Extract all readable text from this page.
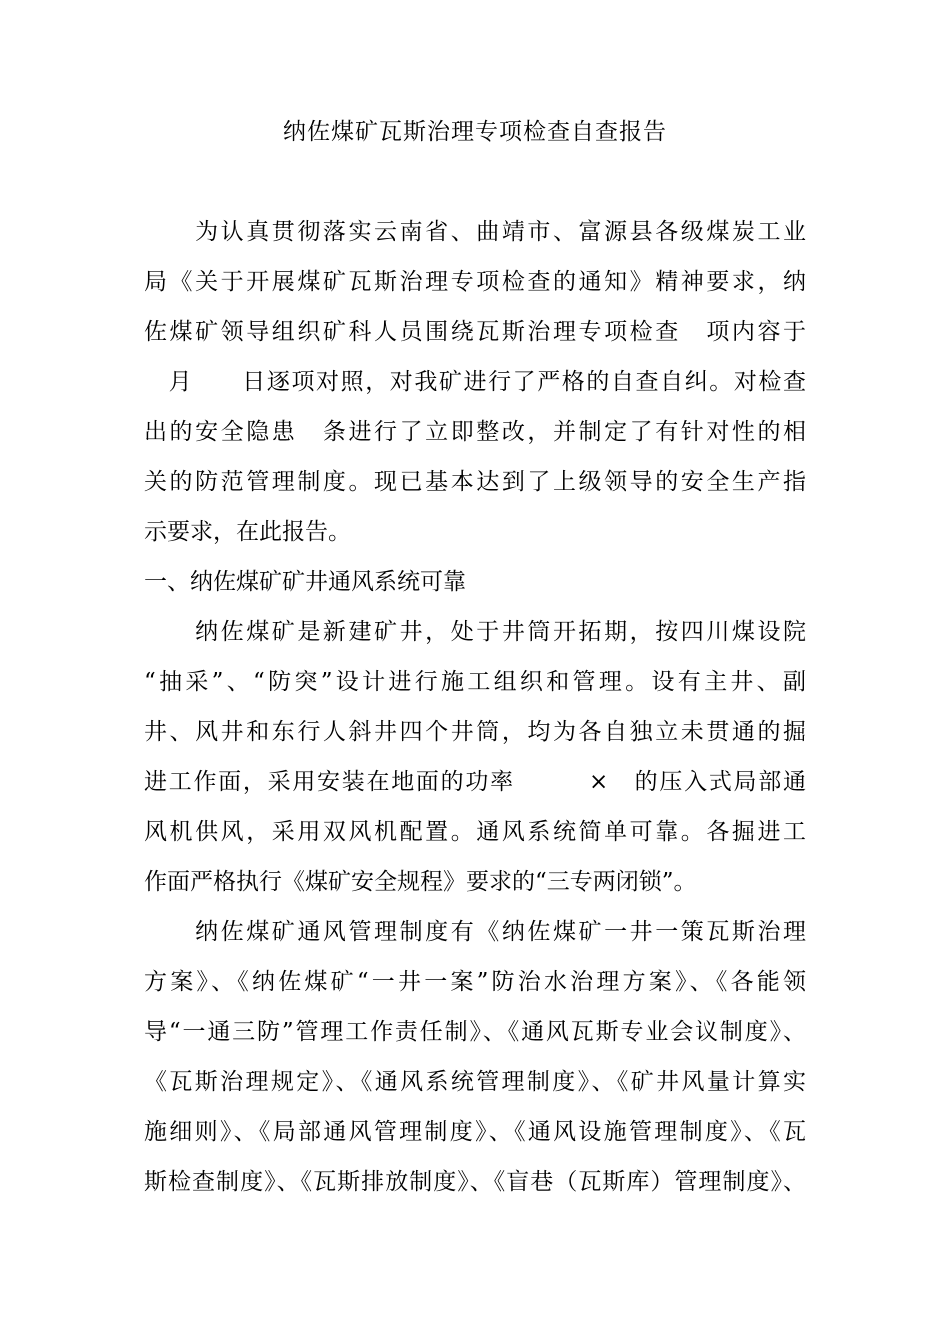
纳佐煤矿瓦斯治理专项检查自查报告
　　为认真贯彻落实云南省、曲靖市、富源县各级煤炭工业
局《关于开展煤矿瓦斯治理专项检查的通知》精神要求，纳
佐煤矿领导组织矿科人员围绕瓦斯治理专项检查　项内容于
　月　　日逐项对照，对我矿进行了严格的自查自纠。对检查
出的安全隐患　条进行了立即整改，并制定了有针对性的相
关的防范管理制度。现已基本达到了上级领导的安全生产指
示要求，在此报告。
一、纳佐煤矿矿井通风系统可靠
　　纳佐煤矿是新建矿井，处于井筒开拓期，按四川煤设院
“抽采”、“防突”设计进行施工组织和管理。设有主井、副
井、风井和东行人斜井四个井筒，均为各自独立未贯通的掘
进工作面，采用安装在地面的功率　　　×　的压入式局部通
风机供风，采用双风机配置。通风系统简单可靠。各掘进工
作面严格执行《煤矿安全规程》要求的“三专两闭锁”。
　　纳佐煤矿通风管理制度有《纳佐煤矿一井一策瓦斯治理
方案》、《纳佐煤矿“一井一案”防治水治理方案》、《各能领
导“一通三防”管理工作责任制》、《通风瓦斯专业会议制度》、
《瓦斯治理规定》、《通风系统管理制度》、《矿井风量计算实
施细则》、《局部通风管理制度》、《通风设施管理制度》、《瓦
斯检查制度》、《瓦斯排放制度》、《盲巷（瓦斯库）管理制度》、
